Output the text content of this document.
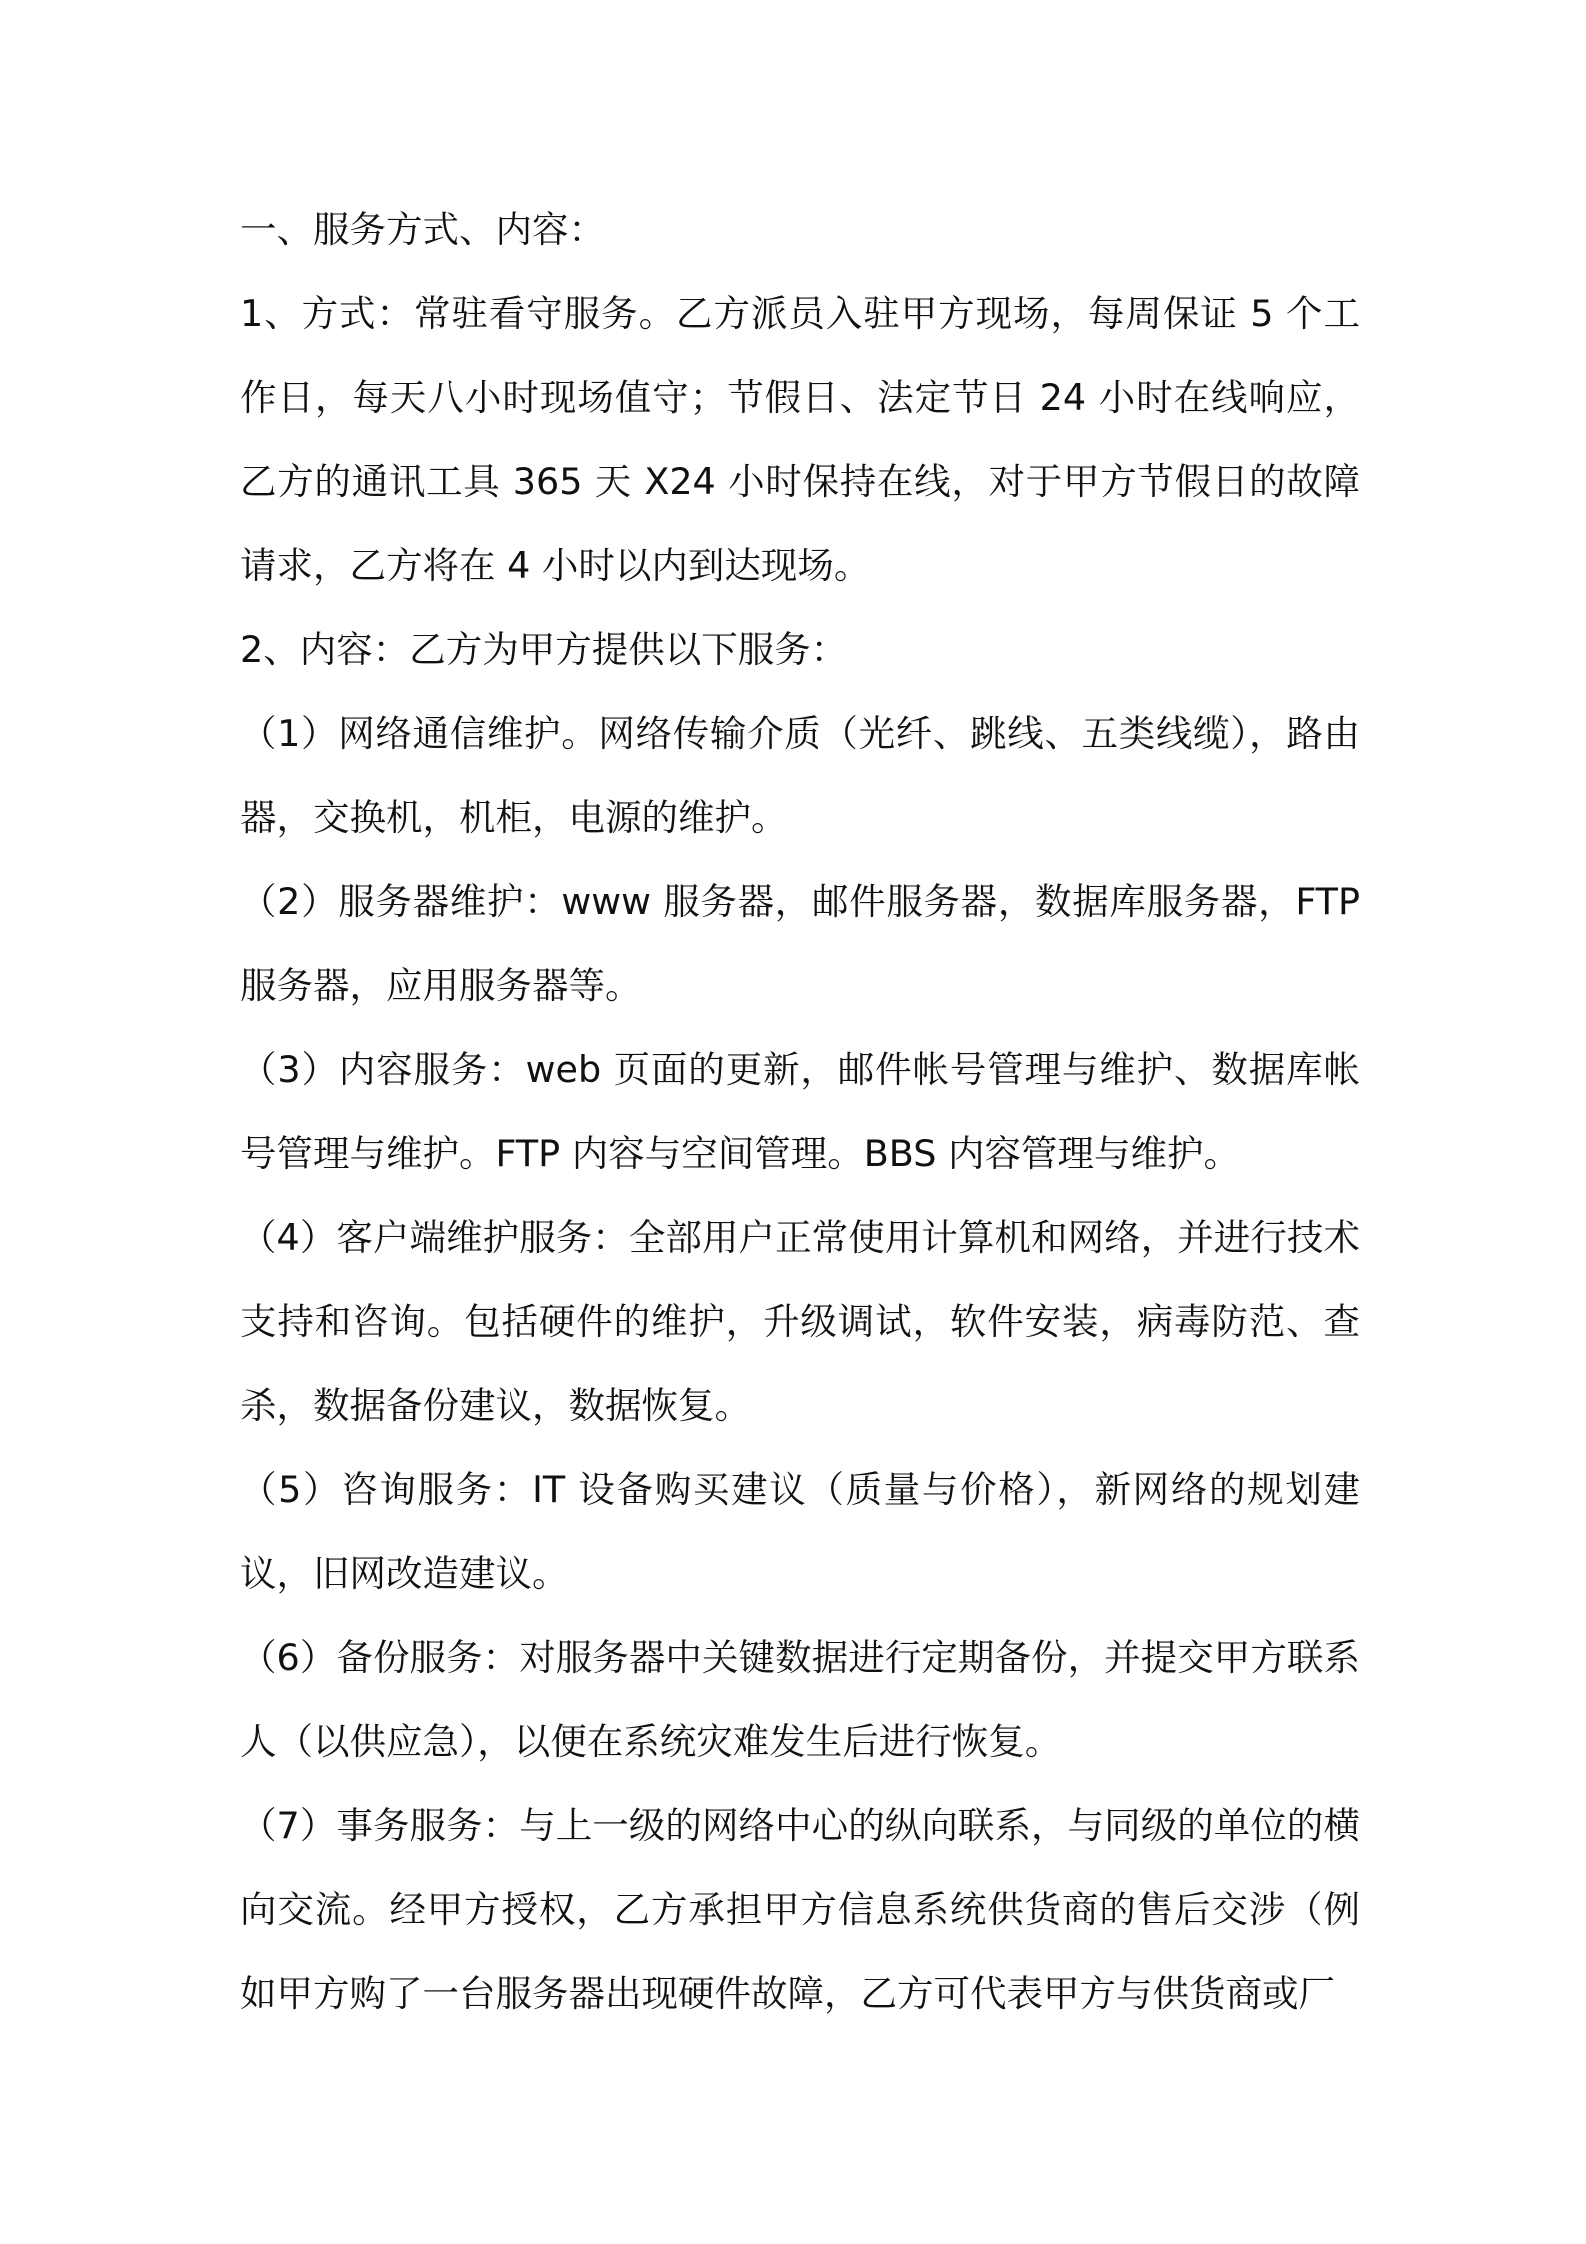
一、服务方式、内容：

1、方式：常驻看守服务。乙方派员入驻甲方现场，每周保证 5 个工作日，每天八小时现场值守；节假日、法定节日 24 小时在线响应，乙方的通讯工具 365 天 X24 小时保持在线，对于甲方节假日的故障请求，乙方将在 4 小时以内到达现场。

2、内容：乙方为甲方提供以下服务：

（1）网络通信维护。网络传输介质（光纤、跳线、五类线缆），路由器，交换机，机柜，电源的维护。

（2）服务器维护：www 服务器，邮件服务器，数据库服务器，FTP 服务器，应用服务器等。

（3）内容服务：web 页面的更新，邮件帐号管理与维护、数据库帐号管理与维护。FTP 内容与空间管理。BBS 内容管理与维护。

（4）客户端维护服务：全部用户正常使用计算机和网络，并进行技术支持和咨询。包括硬件的维护，升级调试，软件安装，病毒防范、查杀，数据备份建议，数据恢复。

（5）咨询服务：IT 设备购买建议（质量与价格），新网络的规划建议，旧网改造建议。

（6）备份服务：对服务器中关键数据进行定期备份，并提交甲方联系人（以供应急），以便在系统灾难发生后进行恢复。

（7）事务服务：与上一级的网络中心的纵向联系，与同级的单位的横向交流。经甲方授权，乙方承担甲方信息系统供货商的售后交涉（例如甲方购了一台服务器出现硬件故障，乙方可代表甲方与供货商或厂
